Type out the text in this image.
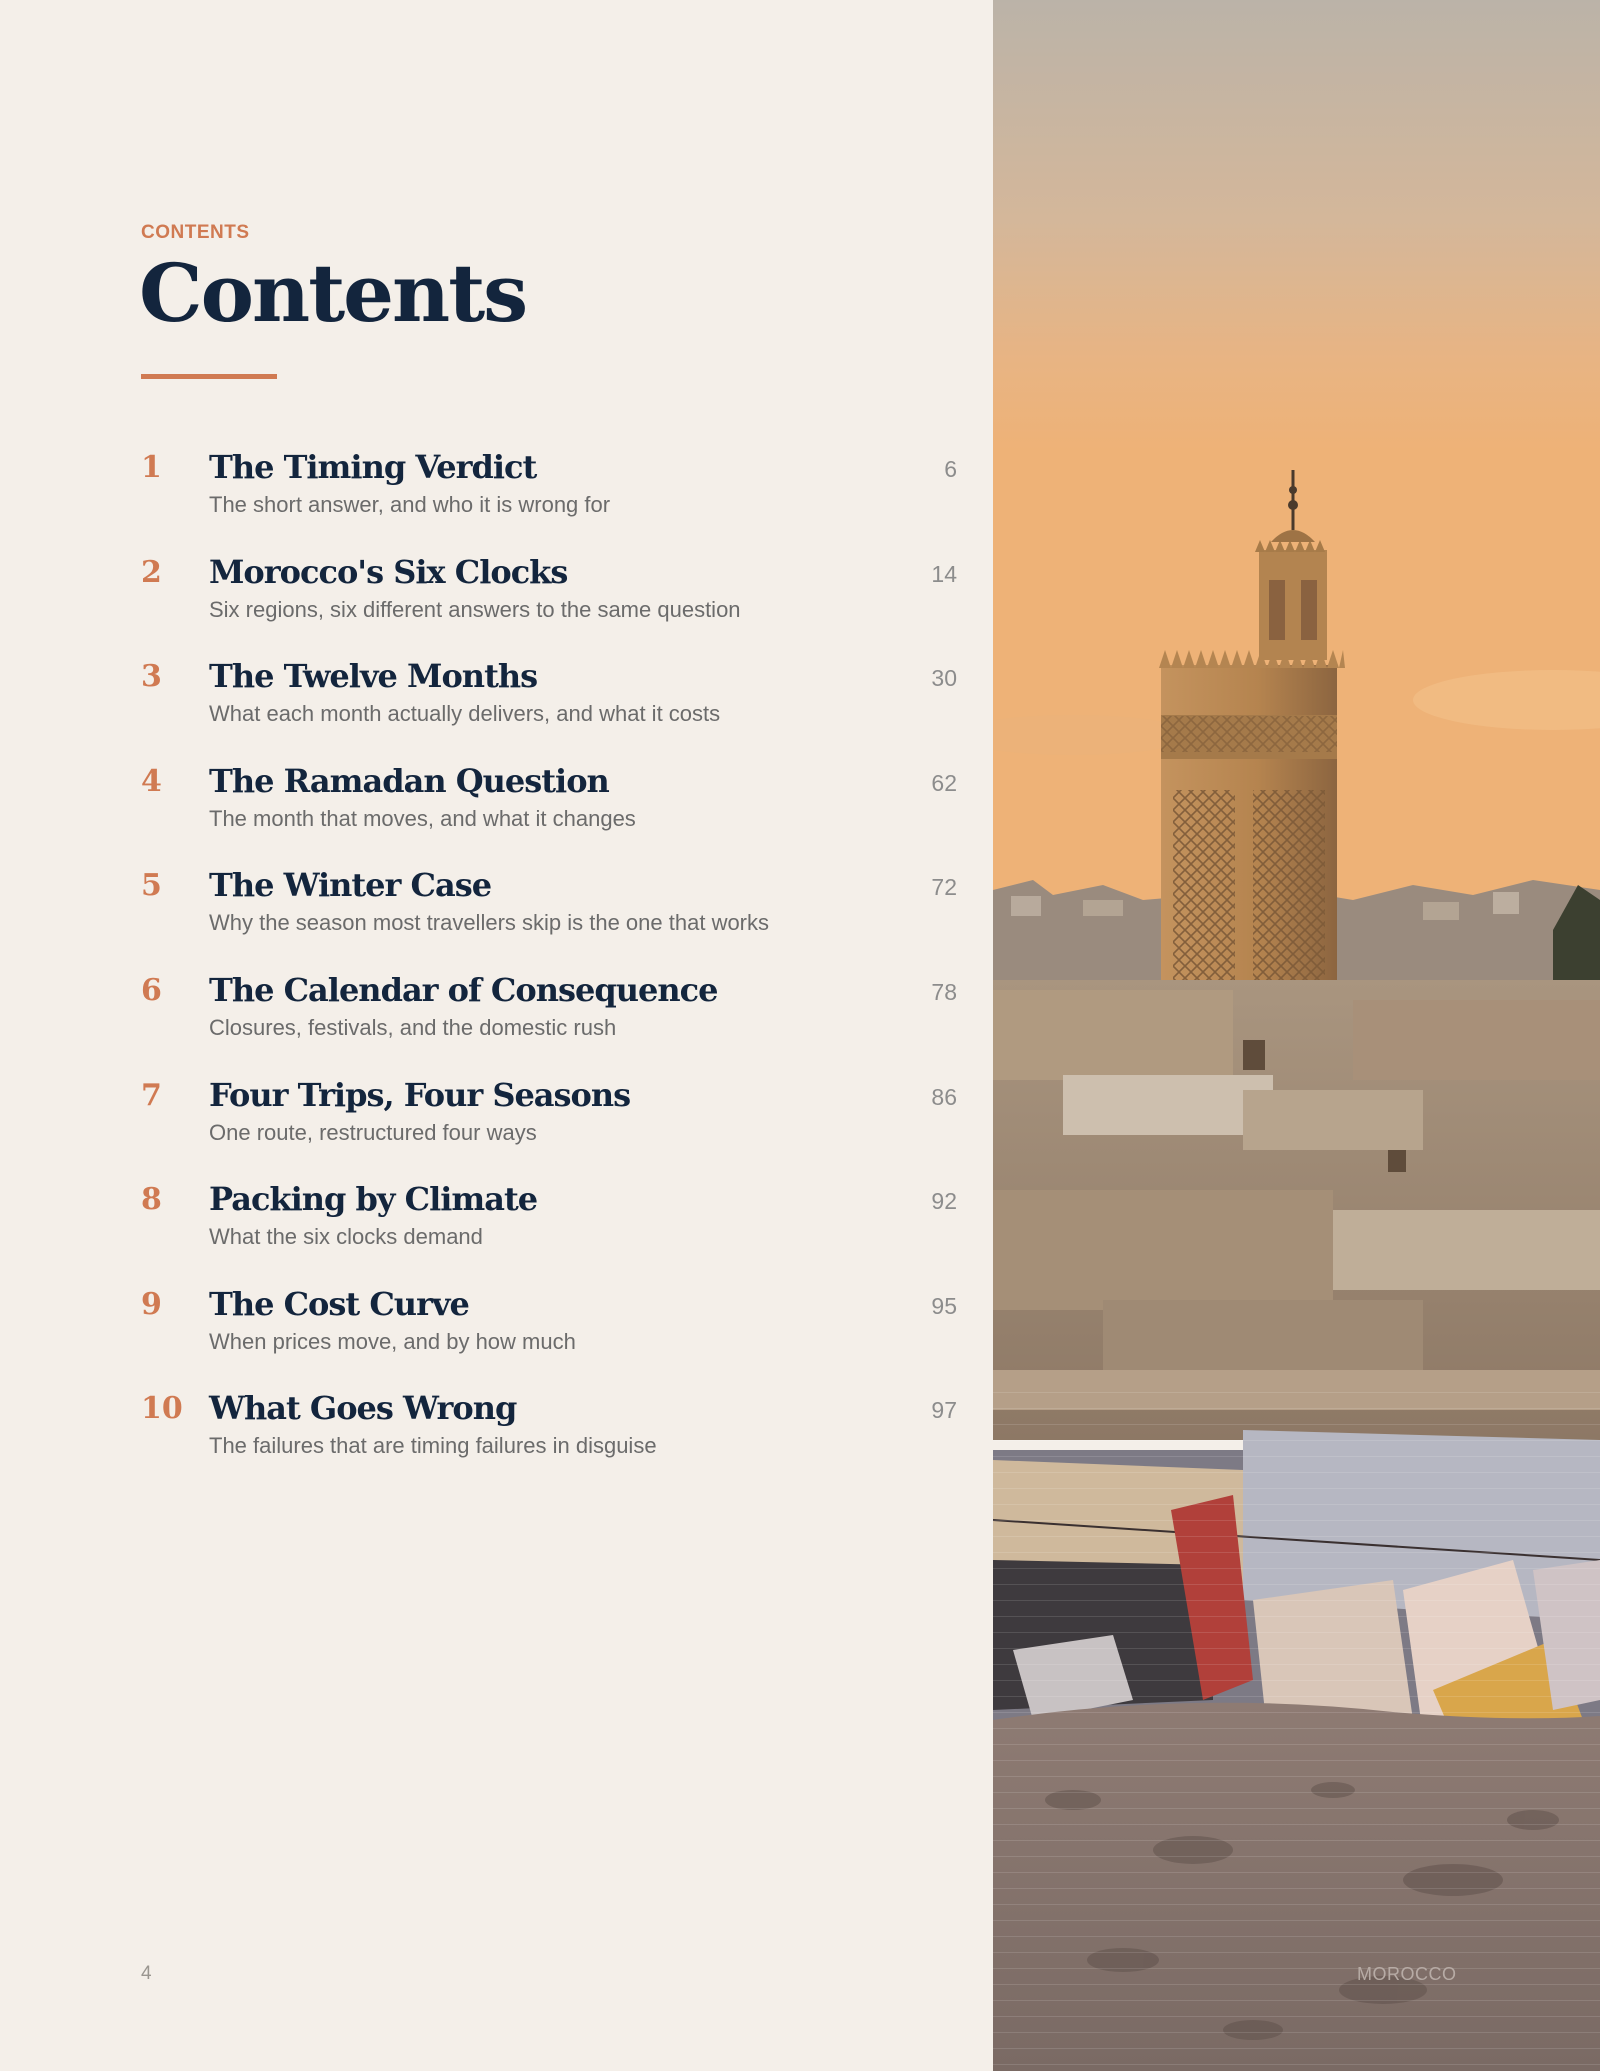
CONTENTS
Contents
1 The Timing Verdict
The short answer, and who it is wrong for
6
2 Morocco's Six Clocks
Six regions, six different answers to the same question
14
3 The Twelve Months
What each month actually delivers, and what it costs
30
4 The Ramadan Question
The month that moves, and what it changes
62
5 The Winter Case
Why the season most travellers skip is the one that works
72
6 The Calendar of Consequence
Closures, festivals, and the domestic rush
78
7 Four Trips, Four Seasons
One route, restructured four ways
86
8 Packing by Climate
What the six clocks demand
92
9 The Cost Curve
When prices move, and by how much
95
10 What Goes Wrong
The failures that are timing failures in disguise
97
4	MOROCCO
